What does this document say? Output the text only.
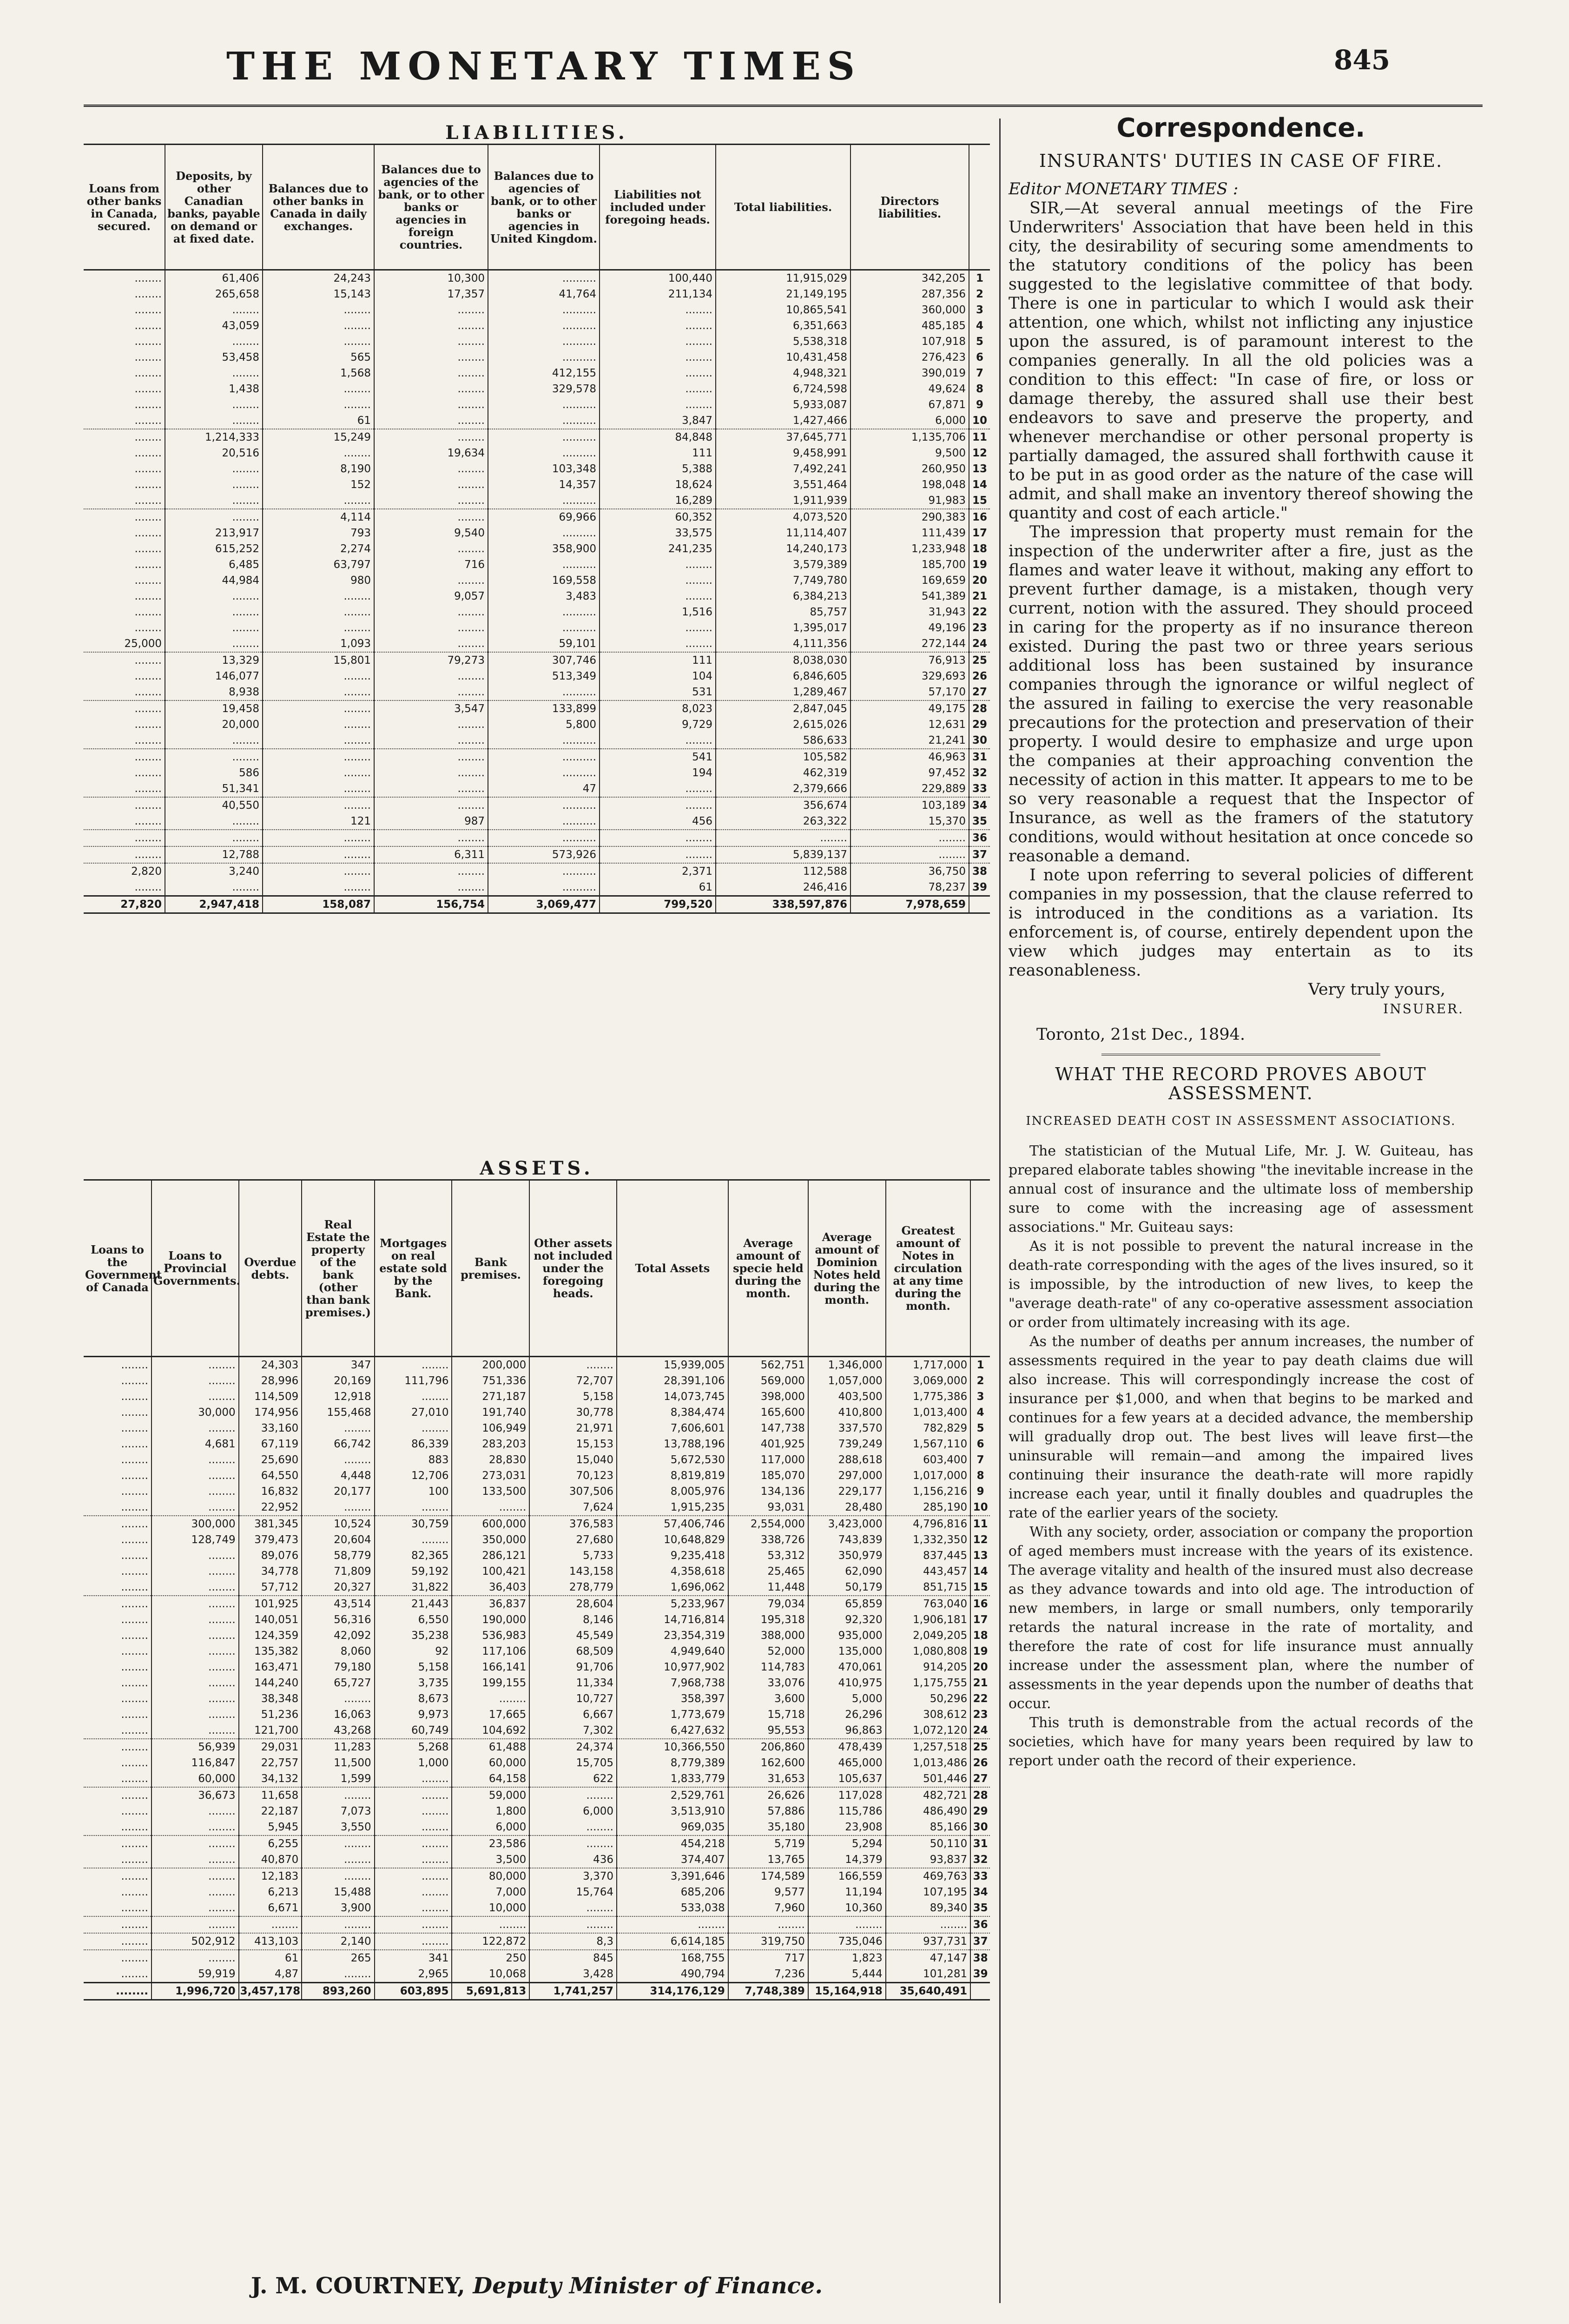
THE MONETARY TIMES	845
LIABILITIES.
Loans from other banks in Canada, secured.	Deposits, by other Canadian banks, payable on demand or at fixed date.	Balances due to other banks in Canada in daily exchanges.	Balances due to agencies of the bank, or to other banks or agencies in foreign countries.	Balances due to agencies of bank, or to other banks or agencies in United Kingdom.	Liabilities not included under foregoing heads.	Total liabilities.	Directors liabilities.	
........	61,406	24,243	10,300	..........	100,440	11,915,029	342,205	1
........	265,658	15,143	17,357	41,764	211,134	21,149,195	287,356	2
........	........	........	........	..........	........	10,865,541	360,000	3
........	43,059	........	........	..........	........	6,351,663	485,185	4
........	........	........	........	..........	........	5,538,318	107,918	5
........	53,458	565	........	..........	........	10,431,458	276,423	6
........	........	1,568	........	412,155	........	4,948,321	390,019	7
........	1,438	........	........	329,578	........	6,724,598	49,624	8
........	........	........	........	..........	........	5,933,087	67,871	9
........	........	61	........	..........	3,847	1,427,466	6,000	10
........	1,214,333	15,249	........	..........	84,848	37,645,771	1,135,706	11
........	20,516	........	19,634	..........	111	9,458,991	9,500	12
........	........	8,190	........	103,348	5,388	7,492,241	260,950	13
........	........	152	........	14,357	18,624	3,551,464	198,048	14
........	........	........	........	..........	16,289	1,911,939	91,983	15
........	........	4,114	........	69,966	60,352	4,073,520	290,383	16
........	213,917	793	9,540	..........	33,575	11,114,407	111,439	17
........	615,252	2,274	........	358,900	241,235	14,240,173	1,233,948	18
........	6,485	63,797	716	..........	........	3,579,389	185,700	19
........	44,984	980	........	169,558	........	7,749,780	169,659	20
........	........	........	9,057	3,483	........	6,384,213	541,389	21
........	........	........	........	..........	1,516	85,757	31,943	22
........	........	........	........	..........	........	1,395,017	49,196	23
25,000	........	1,093	........	59,101	........	4,111,356	272,144	24
........	13,329	15,801	79,273	307,746	111	8,038,030	76,913	25
........	146,077	........	........	513,349	104	6,846,605	329,693	26
........	8,938	........	........	..........	531	1,289,467	57,170	27
........	19,458	........	3,547	133,899	8,023	2,847,045	49,175	28
........	20,000	........	........	5,800	9,729	2,615,026	12,631	29
........	........	........	........	..........	........	586,633	21,241	30
........	........	........	........	..........	541	105,582	46,963	31
........	586	........	........	..........	194	462,319	97,452	32
........	51,341	........	........	47	........	2,379,666	229,889	33
........	40,550	........	........	..........	........	356,674	103,189	34
........	........	121	987	..........	456	263,322	15,370	35
........	........	........	........	..........	........	........	........	36
........	12,788	........	6,311	573,926	........	5,839,137	........	37
2,820	3,240	........	........	..........	2,371	112,588	36,750	38
........	........	........	........	..........	61	246,416	78,237	39
27,820	2,947,418	158,087	156,754	3,069,477	799,520	338,597,876	7,978,659	
ASSETS.
Loans to the Government of Canada	Loans to Provincial Governments.	Overdue debts.	Real Estate the property of the bank (other than bank premises.)	Mortgages on real estate sold by the Bank.	Bank premises.	Other assets not included under the foregoing heads.	Total Assets	Average amount of specie held during the month.	Average amount of Dominion Notes held during the month.	Greatest amount of Notes in circulation at any time during the month.	
........	........	24,303	347	........	200,000	........	15,939,005	562,751	1,346,000	1,717,000	1
........	........	28,996	20,169	111,796	751,336	72,707	28,391,106	569,000	1,057,000	3,069,000	2
........	........	114,509	12,918	........	271,187	5,158	14,073,745	398,000	403,500	1,775,386	3
........	30,000	174,956	155,468	27,010	191,740	30,778	8,384,474	165,600	410,800	1,013,400	4
........	........	33,160	........	........	106,949	21,971	7,606,601	147,738	337,570	782,829	5
........	4,681	67,119	66,742	86,339	283,203	15,153	13,788,196	401,925	739,249	1,567,110	6
........	........	25,690	........	883	28,830	15,040	5,672,530	117,000	288,618	603,400	7
........	........	64,550	4,448	12,706	273,031	70,123	8,819,819	185,070	297,000	1,017,000	8
........	........	16,832	20,177	100	133,500	307,506	8,005,976	134,136	229,177	1,156,216	9
........	........	22,952	........	........	........	7,624	1,915,235	93,031	28,480	285,190	10
........	300,000	381,345	10,524	30,759	600,000	376,583	57,406,746	2,554,000	3,423,000	4,796,816	11
........	128,749	379,473	20,604	........	350,000	27,680	10,648,829	338,726	743,839	1,332,350	12
........	........	89,076	58,779	82,365	286,121	5,733	9,235,418	53,312	350,979	837,445	13
........	........	34,778	71,809	59,192	100,421	143,158	4,358,618	25,465	62,090	443,457	14
........	........	57,712	20,327	31,822	36,403	278,779	1,696,062	11,448	50,179	851,715	15
........	........	101,925	43,514	21,443	36,837	28,604	5,233,967	79,034	65,859	763,040	16
........	........	140,051	56,316	6,550	190,000	8,146	14,716,814	195,318	92,320	1,906,181	17
........	........	124,359	42,092	35,238	536,983	45,549	23,354,319	388,000	935,000	2,049,205	18
........	........	135,382	8,060	92	117,106	68,509	4,949,640	52,000	135,000	1,080,808	19
........	........	163,471	79,180	5,158	166,141	91,706	10,977,902	114,783	470,061	914,205	20
........	........	144,240	65,727	3,735	199,155	11,334	7,968,738	33,076	410,975	1,175,755	21
........	........	38,348	........	8,673	........	10,727	358,397	3,600	5,000	50,296	22
........	........	51,236	16,063	9,973	17,665	6,667	1,773,679	15,718	26,296	308,612	23
........	........	121,700	43,268	60,749	104,692	7,302	6,427,632	95,553	96,863	1,072,120	24
........	56,939	29,031	11,283	5,268	61,488	24,374	10,366,550	206,860	478,439	1,257,518	25
........	116,847	22,757	11,500	1,000	60,000	15,705	8,779,389	162,600	465,000	1,013,486	26
........	60,000	34,132	1,599	........	64,158	622	1,833,779	31,653	105,637	501,446	27
........	36,673	11,658	........	........	59,000	........	2,529,761	26,626	117,028	482,721	28
........	........	22,187	7,073	........	1,800	6,000	3,513,910	57,886	115,786	486,490	29
........	........	5,945	3,550	........	6,000	........	969,035	35,180	23,908	85,166	30
........	........	6,255	........	........	23,586	........	454,218	5,719	5,294	50,110	31
........	........	40,870	........	........	3,500	436	374,407	13,765	14,379	93,837	32
........	........	12,183	........	........	80,000	3,370	3,391,646	174,589	166,559	469,763	33
........	........	6,213	15,488	........	7,000	15,764	685,206	9,577	11,194	107,195	34
........	........	6,671	3,900	........	10,000	........	533,038	7,960	10,360	89,340	35
........	........	........	........	........	........	........	........	........	........	........	36
........	502,912	413,103	2,140	........	122,872	8,3	6,614,185	319,750	735,046	937,731	37
........	........	61	265	341	250	845	168,755	717	1,823	47,147	38
........	59,919	4,87	........	2,965	10,068	3,428	490,794	7,236	5,444	101,281	39
........	1,996,720	3,457,178	893,260	603,895	5,691,813	1,741,257	314,176,129	7,748,389	15,164,918	35,640,491	
J. M. COURTNEY, Deputy Minister of Finance.
Correspondence.
INSURANTS' DUTIES IN CASE OF FIRE.

Editor MONETARY TIMES :

SIR,—At several annual meetings of the Fire Underwriters' Association that have been held in this city, the desirability of securing some amendments to the statutory conditions of the policy has been suggested to the legislative committee of that body. There is one in particular to which I would ask their attention, one which, whilst not inflicting any injustice upon the assured, is of paramount interest to the companies generally. In all the old policies was a condition to this effect: "In case of fire, or loss or damage thereby, the assured shall use their best endeavors to save and preserve the property, and whenever merchandise or other personal property is partially damaged, the assured shall forthwith cause it to be put in as good order as the nature of the case will admit, and shall make an inventory thereof showing the quantity and cost of each article."

The impression that property must remain for the inspection of the underwriter after a fire, just as the flames and water leave it without, making any effort to prevent further damage, is a mistaken, though very current, notion with the assured. They should proceed in caring for the property as if no insurance thereon existed. During the past two or three years serious additional loss has been sustained by insurance companies through the ignorance or wilful neglect of the assured in failing to exercise the very reasonable precautions for the protection and preservation of their property. I would desire to emphasize and urge upon the companies at their approaching convention the necessity of action in this matter. It appears to me to be so very reasonable a request that the Inspector of Insurance, as well as the framers of the statutory conditions, would without hesitation at once concede so reasonable a demand.

I note upon referring to several policies of different companies in my possession, that the clause referred to is introduced in the conditions as a variation. Its enforcement is, of course, entirely dependent upon the view which judges may entertain as to its reasonableness.

Very truly yours,

INSURER.

Toronto, 21st Dec., 1894.

WHAT THE RECORD PROVES ABOUT ASSESSMENT.
INCREASED DEATH COST IN ASSESSMENT ASSOCIATIONS.

The statistician of the Mutual Life, Mr. J. W. Guiteau, has prepared elaborate tables showing "the inevitable increase in the annual cost of insurance and the ultimate loss of membership sure to come with the increasing age of assessment associations." Mr. Guiteau says:

As it is not possible to prevent the natural increase in the death-rate corresponding with the ages of the lives insured, so it is impossible, by the introduction of new lives, to keep the "average death-rate" of any co-operative assessment association or order from ultimately increasing with its age.

As the number of deaths per annum increases, the number of assessments required in the year to pay death claims due will also increase. This will correspondingly increase the cost of insurance per $1,000, and when that begins to be marked and continues for a few years at a decided advance, the membership will gradually drop out. The best lives will leave first—the uninsurable will remain—and among the impaired lives continuing their insurance the death-rate will more rapidly increase each year, until it finally doubles and quadruples the rate of the earlier years of the society.

With any society, order, association or company the proportion of aged members must increase with the years of its existence. The average vitality and health of the insured must also decrease as they advance towards and into old age. The introduction of new members, in large or small numbers, only temporarily retards the natural increase in the rate of mortality, and therefore the rate of cost for life insurance must annually increase under the assessment plan, where the number of assessments in the year depends upon the number of deaths that occur.

This truth is demonstrable from the actual records of the societies, which have for many years been required by law to report under oath the record of their experience.
